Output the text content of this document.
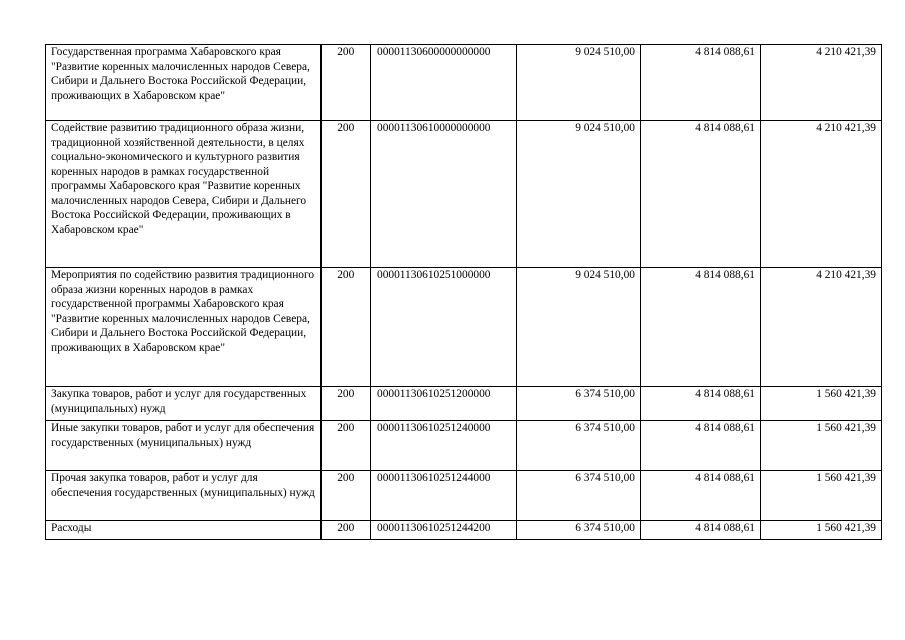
Государственная программа Хабаровского края "Развитие коренных малочисленных народов Севера, Сибири и Дальнего Востока Российской Федерации, проживающих в Хабаровском крае"	200	00001130600000000000	9 024 510,00	4 814 088,61	4 210 421,39
Содействие развитию традиционного образа жизни, традиционной хозяйственной деятельности, в целях социально-экономического и культурного развития коренных народов в рамках государственной программы Хабаровского края "Развитие коренных малочисленных народов Севера, Сибири и Дальнего Востока Российской Федерации, проживающих в Хабаровском крае"	200	00001130610000000000	9 024 510,00	4 814 088,61	4 210 421,39
Мероприятия по содействию развития традиционного образа жизни коренных народов в рамках государственной программы Хабаровского края "Развитие коренных малочисленных народов Севера, Сибири и Дальнего Востока Российской Федерации, проживающих в Хабаровском крае"	200	00001130610251000000	9 024 510,00	4 814 088,61	4 210 421,39
Закупка товаров, работ и услуг для государственных (муниципальных) нужд	200	00001130610251200000	6 374 510,00	4 814 088,61	1 560 421,39
Иные закупки товаров, работ и услуг для обеспечения государственных (муниципальных) нужд	200	00001130610251240000	6 374 510,00	4 814 088,61	1 560 421,39
Прочая закупка товаров, работ и услуг для обеспечения государственных (муниципальных) нужд	200	00001130610251244000	6 374 510,00	4 814 088,61	1 560 421,39
Расходы	200	00001130610251244200	6 374 510,00	4 814 088,61	1 560 421,39
